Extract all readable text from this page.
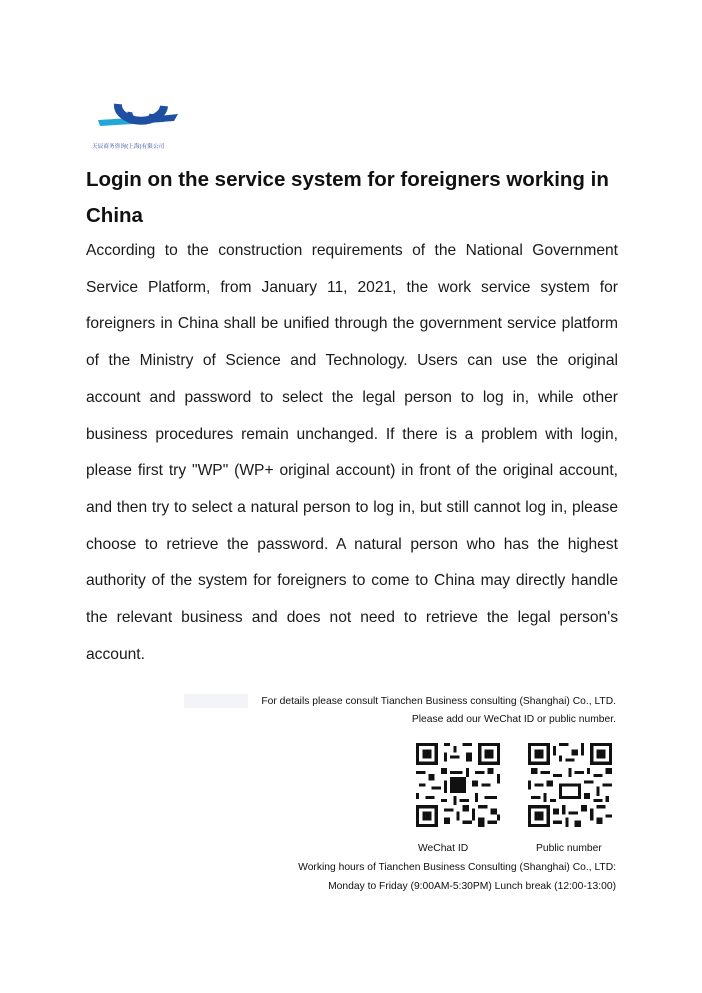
天辰商务咨询(上海)有限公司
Login on the service system for foreigners working in China

According to the construction requirements of the National Government Service Platform, from January 11, 2021, the work service system for foreigners in China shall be unified through the government service platform of the Ministry of Science and Technology. Users can use the original account and password to select the legal person to log in, while other business procedures remain unchanged. If there is a problem with login, please first try "WP" (WP+ original account) in front of the original account, and then try to select a natural person to log in, but still cannot log in, please choose to retrieve the password. A natural person who has the highest authority of the system for foreigners to come to China may directly handle the relevant business and does not need to retrieve the legal person's account.

For details please consult Tianchen Business consulting (Shanghai) Co., LTD.
Please add our WeChat ID or public number.
WeChat ID	Public number
Working hours of Tianchen Business Consulting (Shanghai) Co., LTD:
Monday to Friday (9:00AM-5:30PM) Lunch break (12:00-13:00)
